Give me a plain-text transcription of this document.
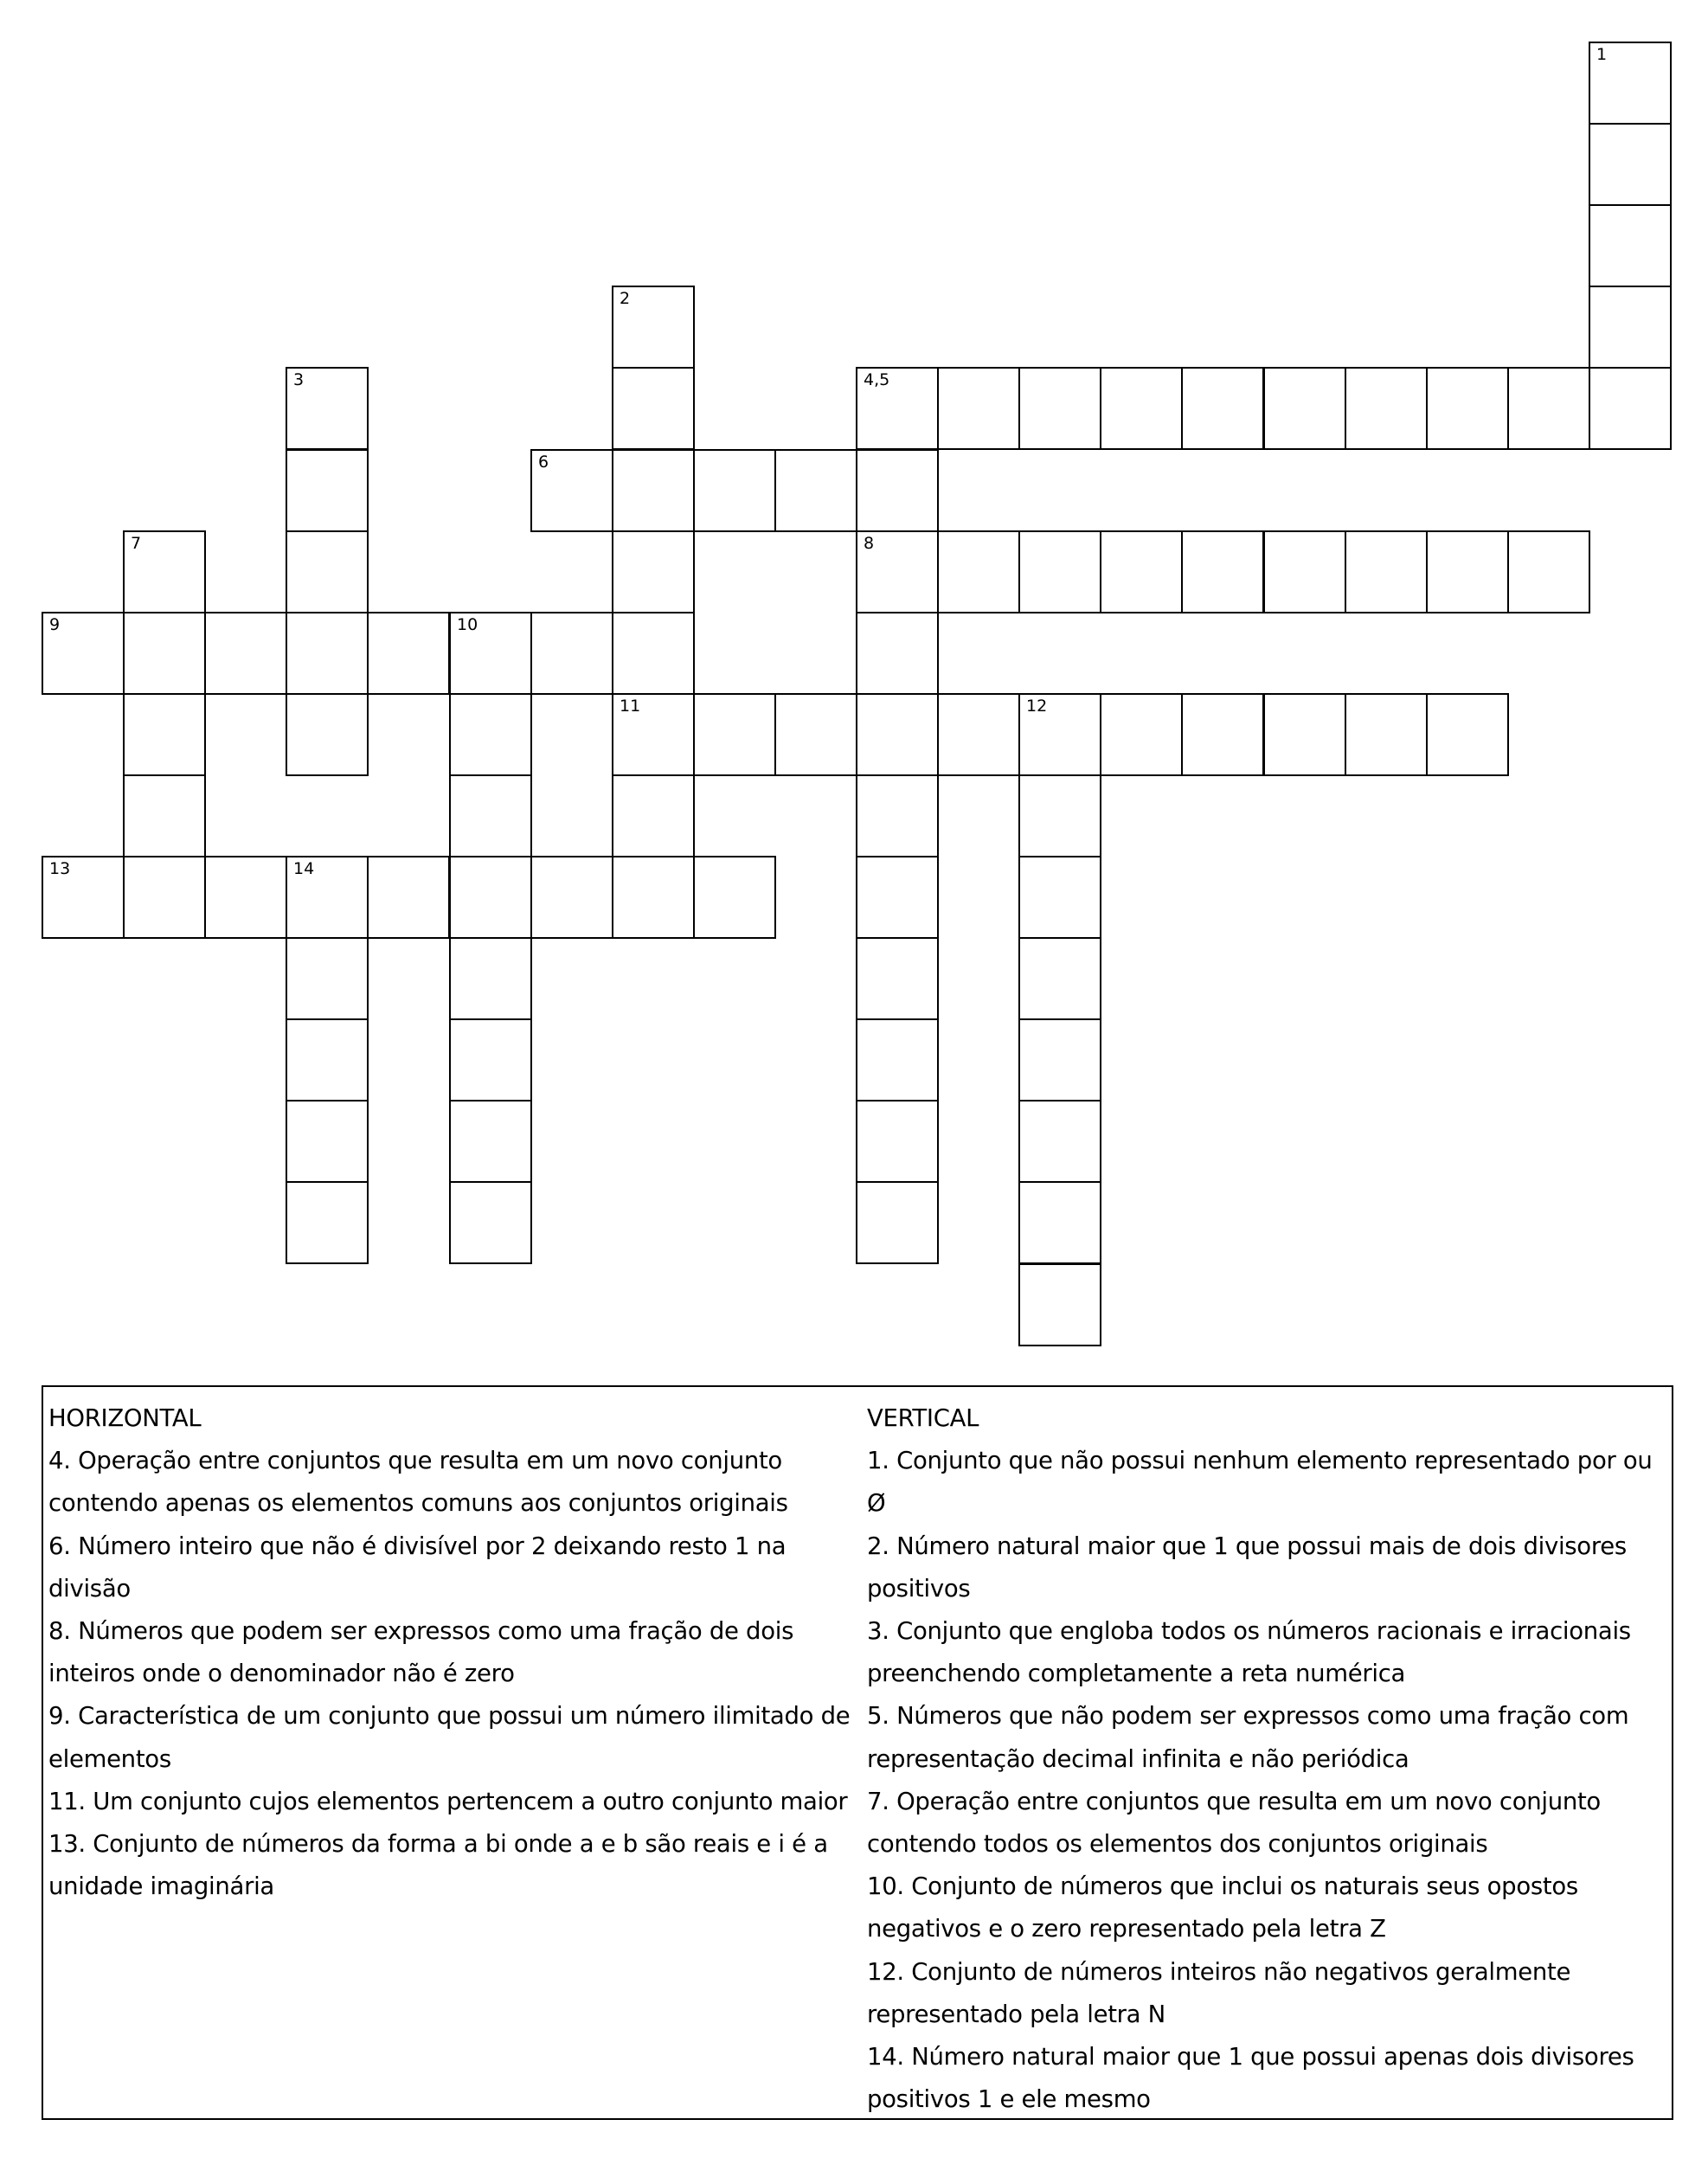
1
2
3	4,5
6
7	8
9	10
11	12
13	14
HORIZONTAL
4. Operação entre conjuntos que resulta em um novo conjunto
contendo apenas os elementos comuns aos conjuntos originais
6. Número inteiro que não é divisível por 2 deixando resto 1 na
divisão
8. Números que podem ser expressos como uma fração de dois
inteiros onde o denominador não é zero
9. Característica de um conjunto que possui um número ilimitado de
elementos
11. Um conjunto cujos elementos pertencem a outro conjunto maior
13. Conjunto de números da forma a bi onde a e b são reais e i é a
unidade imaginária
VERTICAL
1. Conjunto que não possui nenhum elemento representado por ou Ø
2. Número natural maior que 1 que possui mais de dois divisores
positivos
3. Conjunto que engloba todos os números racionais e irracionais
preenchendo completamente a reta numérica
5. Números que não podem ser expressos como uma fração com
representação decimal infinita e não periódica
7. Operação entre conjuntos que resulta em um novo conjunto
contendo todos os elementos dos conjuntos originais
10. Conjunto de números que inclui os naturais seus opostos
negativos e o zero representado pela letra Z
12. Conjunto de números inteiros não negativos geralmente
representado pela letra N
14. Número natural maior que 1 que possui apenas dois divisores
positivos 1 e ele mesmo
